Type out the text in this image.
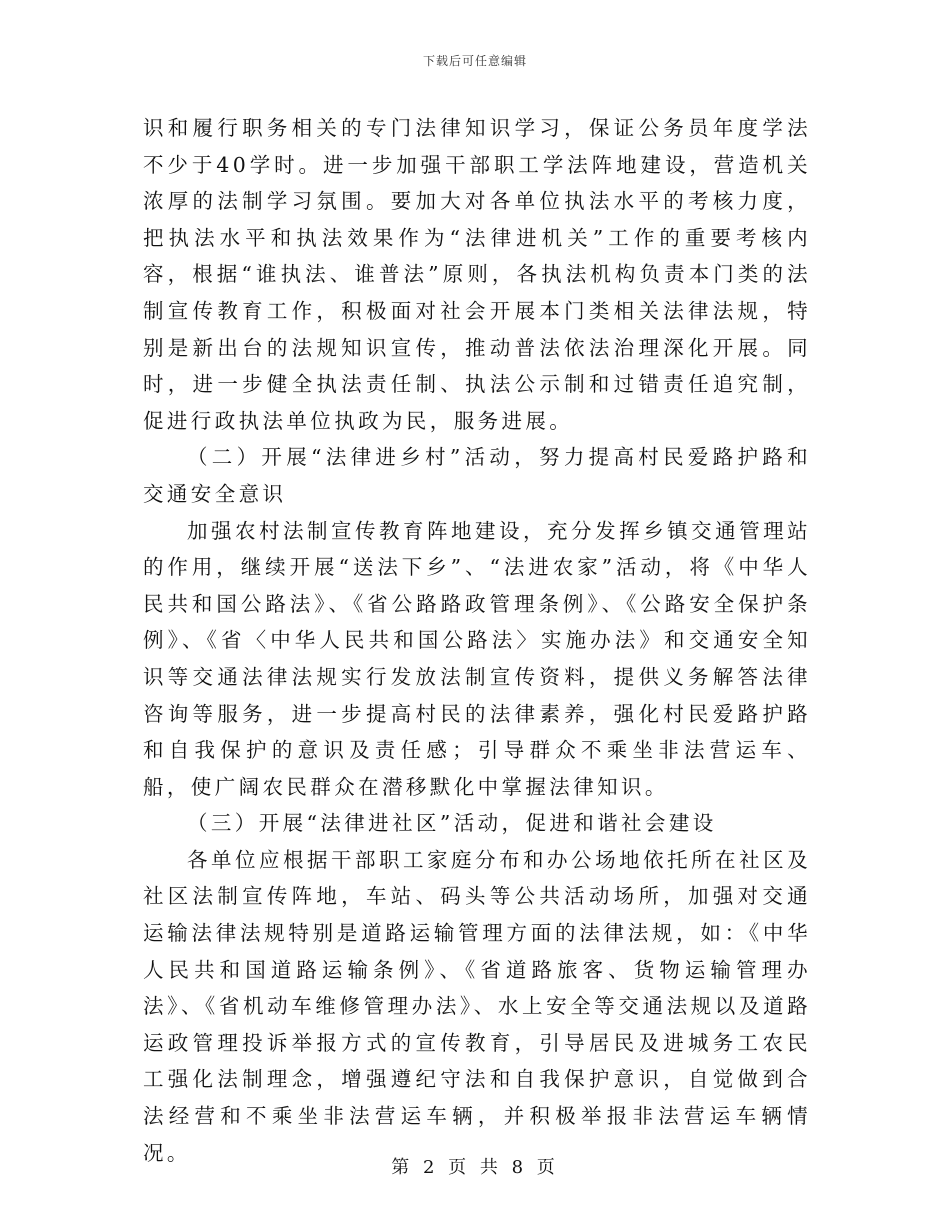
下载后可任意编辑

识和履行职务相关的专门法律知识学习，保证公务员年度学法不少于40学时。进一步加强干部职工学法阵地建设，营造机关浓厚的法制学习氛围。要加大对各单位执法水平的考核力度，把执法水平和执法效果作为“法律进机关”工作的重要考核内容，根据“谁执法、谁普法”原则，各执法机构负责本门类的法制宣传教育工作，积极面对社会开展本门类相关法律法规，特别是新出台的法规知识宣传，推动普法依法治理深化开展。同时，进一步健全执法责任制、执法公示制和过错责任追究制，促进行政执法单位执政为民，服务进展。

（二）开展“法律进乡村”活动，努力提高村民爱路护路和交通安全意识

加强农村法制宣传教育阵地建设，充分发挥乡镇交通管理站的作用，继续开展“送法下乡”、“法进农家”活动，将《中华人民共和国公路法》、《省公路路政管理条例》、《公路安全保护条例》、《省〈中华人民共和国公路法〉实施办法》和交通安全知识等交通法律法规实行发放法制宣传资料，提供义务解答法律咨询等服务，进一步提高村民的法律素养，强化村民爱路护路和自我保护的意识及责任感；引导群众不乘坐非法营运车、船，使广阔农民群众在潜移默化中掌握法律知识。

（三）开展“法律进社区”活动，促进和谐社会建设

各单位应根据干部职工家庭分布和办公场地依托所在社区及社区法制宣传阵地，车站、码头等公共活动场所，加强对交通运输法律法规特别是道路运输管理方面的法律法规，如：《中华人民共和国道路运输条例》、《省道路旅客、货物运输管理办法》、《省机动车维修管理办法》、水上安全等交通法规以及道路运政管理投诉举报方式的宣传教育，引导居民及进城务工农民工强化法制理念，增强遵纪守法和自我保护意识，自觉做到合法经营和不乘坐非法营运车辆，并积极举报非法营运车辆情况。

第 2 页 共 8 页
